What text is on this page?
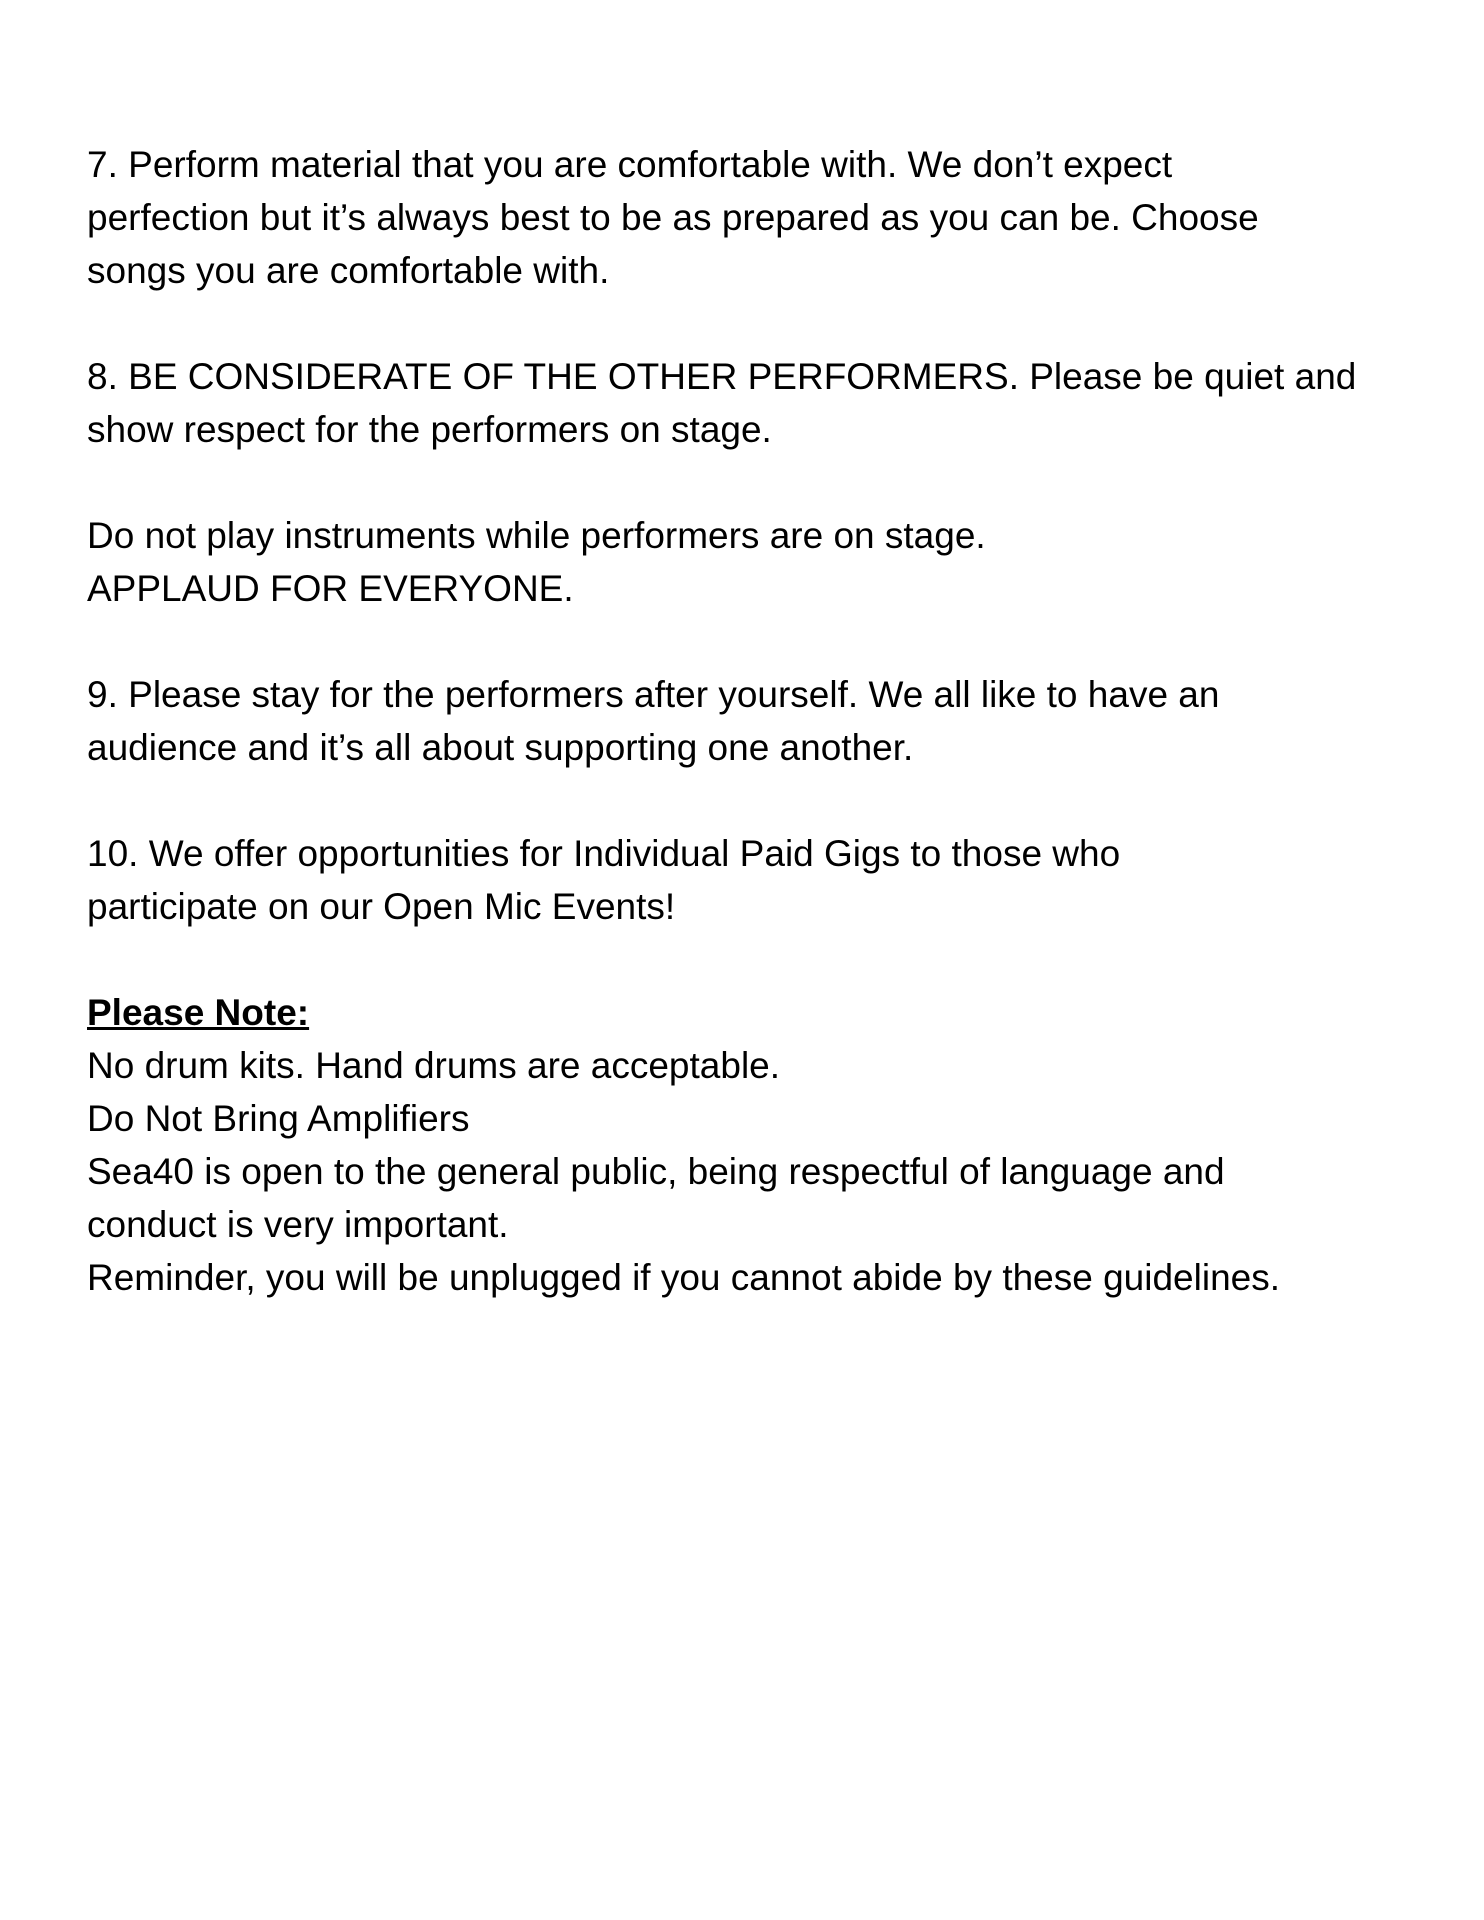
7. Perform material that you are comfortable with. We don’t expect
perfection but it’s always best to be as prepared as you can be. Choose
songs you are comfortable with.
8. BE CONSIDERATE OF THE OTHER PERFORMERS. Please be quiet and
show respect for the performers on stage.
Do not play instruments while performers are on stage.
APPLAUD FOR EVERYONE.
9. Please stay for the performers after yourself. We all like to have an
audience and it’s all about supporting one another.
10. We offer opportunities for Individual Paid Gigs to those who
participate on our Open Mic Events!
Please Note:
No drum kits. Hand drums are acceptable.
Do Not Bring Amplifiers
Sea40 is open to the general public, being respectful of language and
conduct is very important.
Reminder, you will be unplugged if you cannot abide by these guidelines.
